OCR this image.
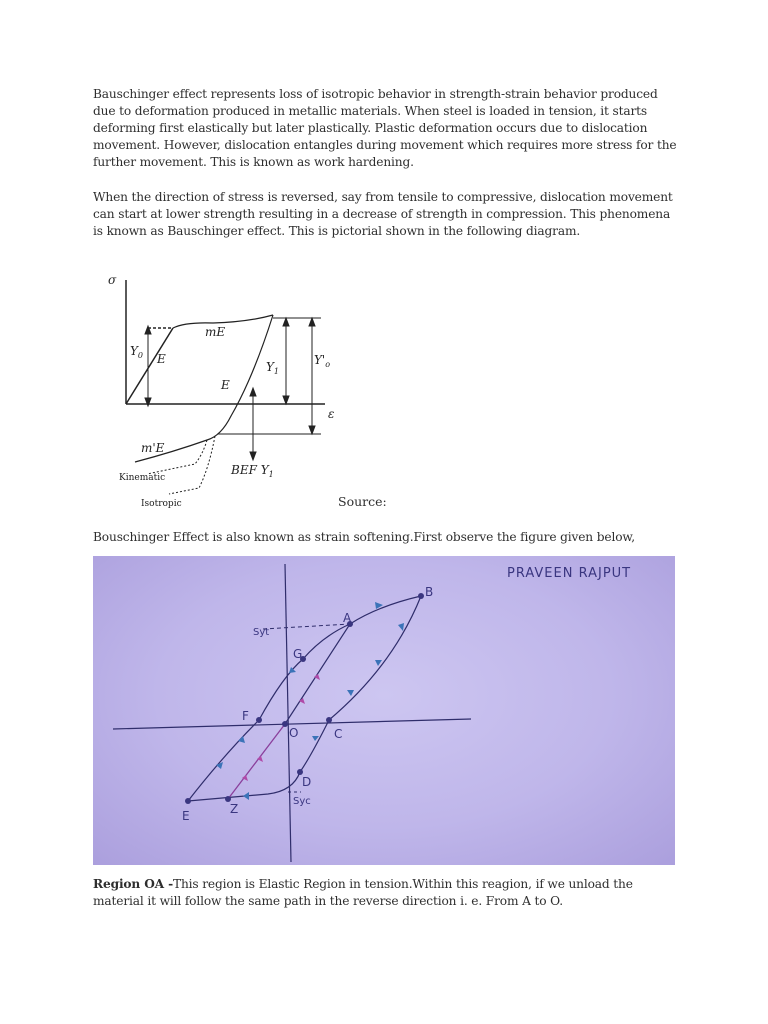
Bauschinger effect represents loss of isotropic behavior in strength-strain behavior produced due to deformation produced in metallic materials. When steel is loaded in tension, it starts deforming first elastically but later plastically. Plastic deformation occurs due to dislocation movement. However, dislocation entangles during movement which requires more stress for the further movement. This is known as work hardening.

When the direction of stress is reversed, say from tensile to compressive, dislocation movement can start at lower strength resulting in a decrease of strength in compression. This phenomena is known as Bauschinger effect. This is pictorial shown in the following diagram.

σ
ε
$Y_0$ E
mE
E
$Y_1$
$Y'_o$
m'E
BEF $Y_1$
Kinematic
Isotropic	Source:

Bouschinger Effect is also known as strain softening.First observe the figure given below,

PRAVEEN RAJPUT
A
B
C
D
E
F
G
O
Z
Syt
Syc

Region OA -This region is Elastic Region in tension.Within this reagion, if we unload the material it will follow the same path in the reverse direction i. e. From A to O.
